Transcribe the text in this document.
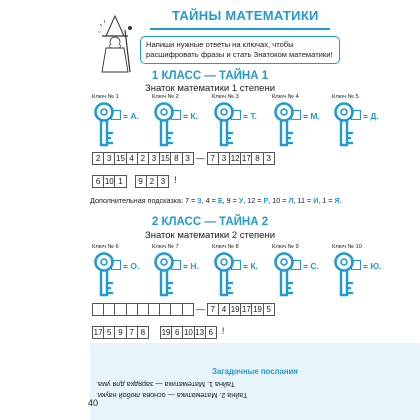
ТАЙНЫ МАТЕМАТИКИ
Напиши нужные ответы на ключах, чтобы расшифровать фразы и стать Знатоком математики!
1 КЛАСС — ТАЙНА 1
Знаток математики 1 степени
Ключ № 1
= А.
Ключ № 2
= К.
Ключ № 3
= Т.
Ключ № 4
= М.
Ключ № 5
= Д.
2 3 15 4 2 3 15 8 3 — 7 3 12 17 8 3
6 10 1	9 2 3 !
Дополнительная подсказка: 7 = З, 4 = Е, 9 = У, 12 = Р, 10 = Л, 11 = И, 1 = Я.
2 КЛАСС — ТАЙНА 2
Знаток математики 2 степени
Ключ № 6
= О.
Ключ № 7
= Н.
Ключ № 8
= К.
Ключ № 9
= С.
Ключ № 10
= Ю.
— 7 4 19 17 19 5
17 5 9 7 8	19 6 10 13 6 !
Загадочные послания
Тайна 2. Математика — основа любой науки.
Тайна 1. Математика — зарядка для ума.
40
